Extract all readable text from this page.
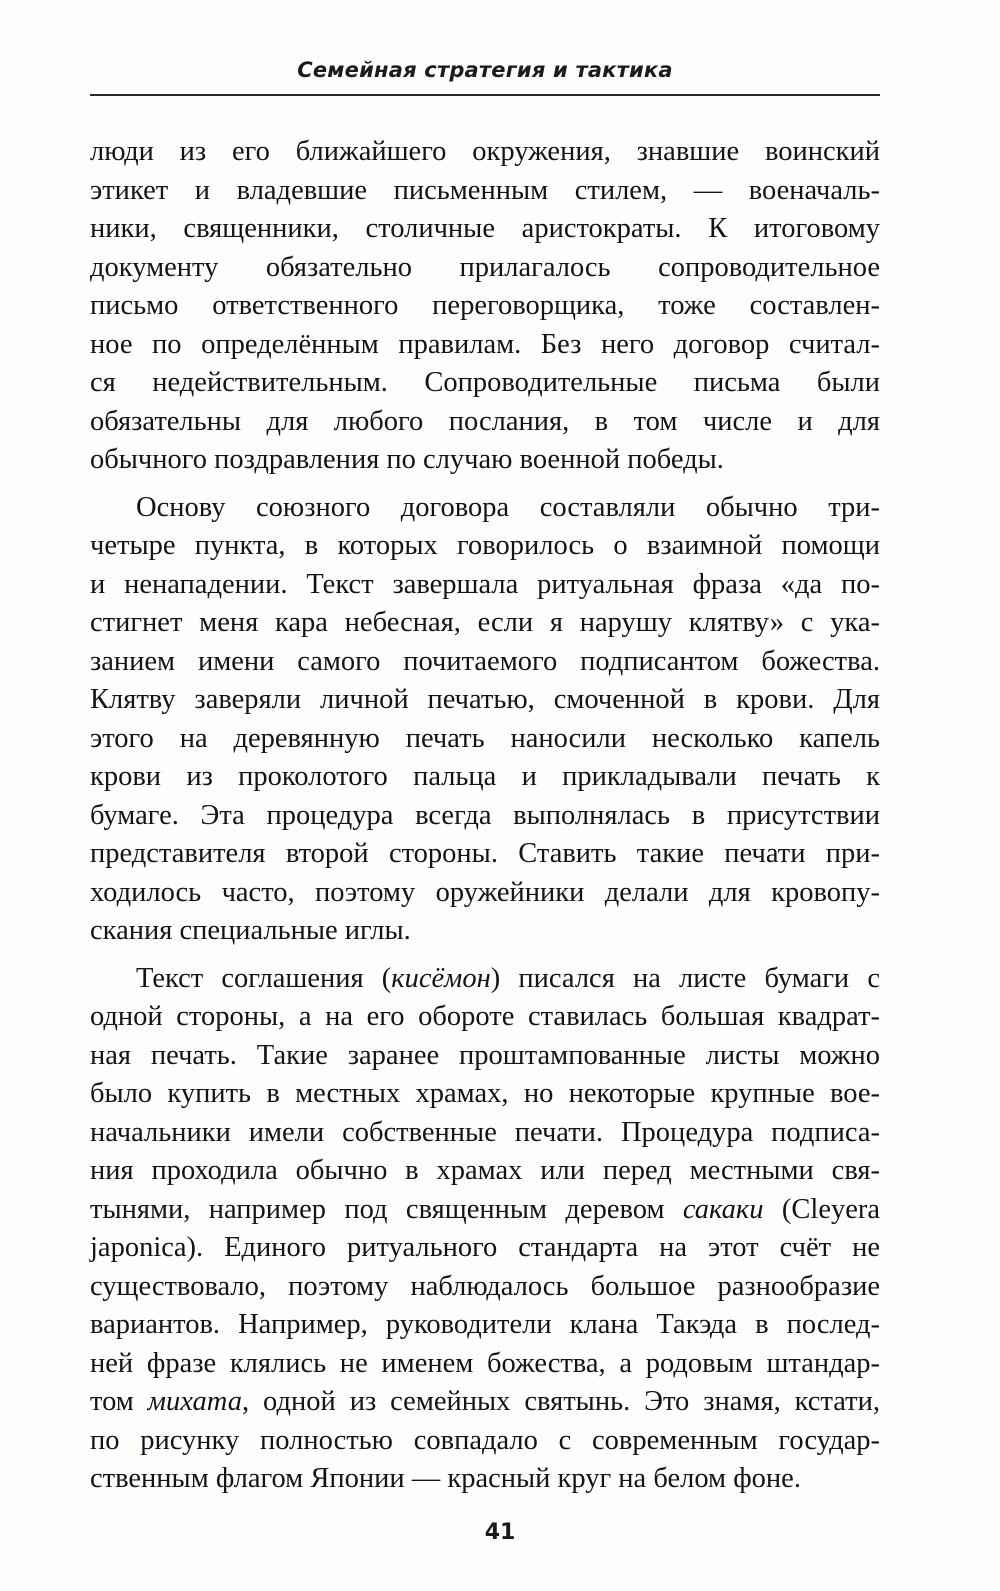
Семейная стратегия и тактика
люди из его ближайшего окружения, знавшие воинский
этикет и владевшие письменным стилем, — военачаль-
ники, священники, столичные аристократы. К итоговому
документу обязательно прилагалось сопроводительное
письмо ответственного переговорщика, тоже составлен-
ное по определённым правилам. Без него договор считал-
ся недействительным. Сопроводительные письма были
обязательны для любого послания, в том числе и для
обычного поздравления по случаю военной победы.
Основу союзного договора составляли обычно три-
четыре пункта, в которых говорилось о взаимной помощи
и ненападении. Текст завершала ритуальная фраза «да по-
стигнет меня кара небесная, если я нарушу клятву» с ука-
занием имени самого почитаемого подписантом божества.
Клятву заверяли личной печатью, смоченной в крови. Для
этого на деревянную печать наносили несколько капель
крови из проколотого пальца и прикладывали печать к
бумаге. Эта процедура всегда выполнялась в присутствии
представителя второй стороны. Ставить такие печати при-
ходилось часто, поэтому оружейники делали для кровопу-
скания специальные иглы.
Текст соглашения (кисёмон) писался на листе бумаги с
одной стороны, а на его обороте ставилась большая квадрат-
ная печать. Такие заранее проштампованные листы можно
было купить в местных храмах, но некоторые крупные вое-
начальники имели собственные печати. Процедура подписа-
ния проходила обычно в храмах или перед местными свя-
тынями, например под священным деревом сакаки (Cleyera
japonica). Единого ритуального стандарта на этот счёт не
существовало, поэтому наблюдалось большое разнообразие
вариантов. Например, руководители клана Такэда в послед-
ней фразе клялись не именем божества, а родовым штандар-
том михата, одной из семейных святынь. Это знамя, кстати,
по рисунку полностью совпадало с современным государ-
ственным флагом Японии — красный круг на белом фоне.
41
